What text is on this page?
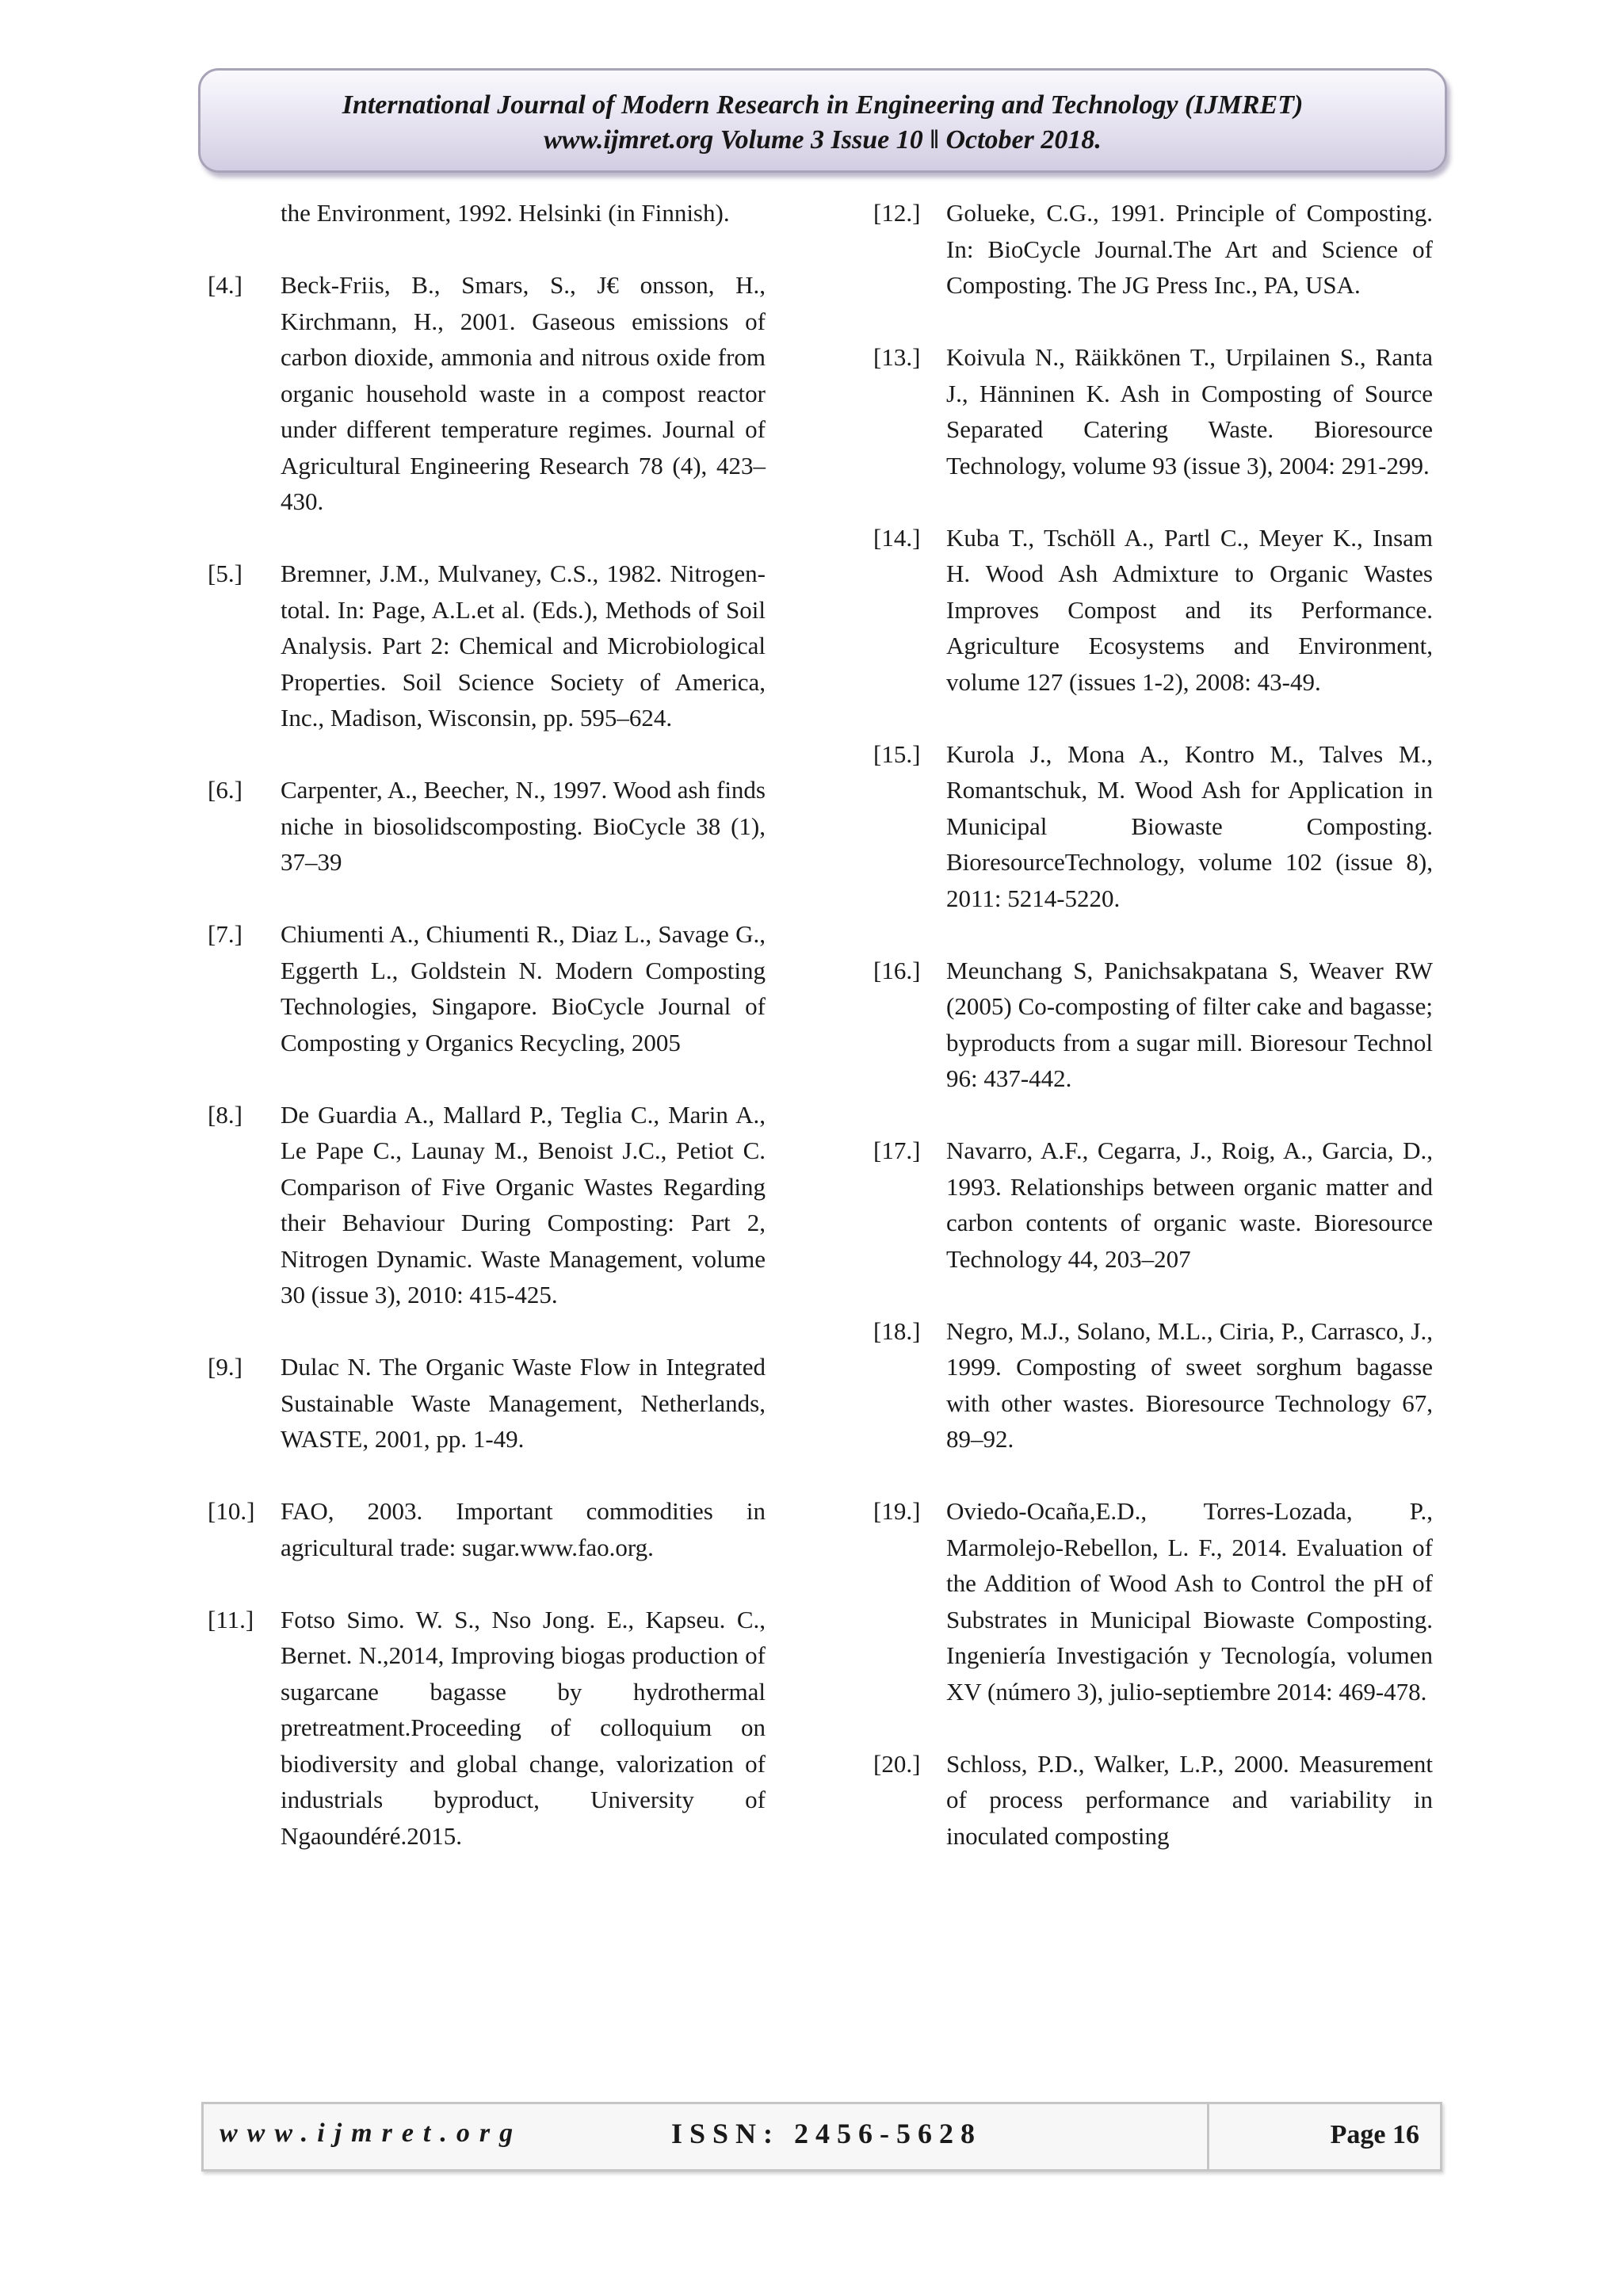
International Journal of Modern Research in Engineering and Technology (IJMRET)
www.ijmret.org Volume 3 Issue 10 ǁ October 2018.
the Environment, 1992. Helsinki (in Finnish).
[4.]	Beck-Friis, B., Smars, S., J€ onsson, H., Kirchmann, H., 2001. Gaseous emissions of carbon dioxide, ammonia and nitrous oxide from organic household waste in a compost reactor under different temperature regimes. Journal of Agricultural Engineering Research 78 (4), 423–430.
[5.]	Bremner, J.M., Mulvaney, C.S., 1982. Nitrogen-total. In: Page, A.L.et al. (Eds.), Methods of Soil Analysis. Part 2: Chemical and Microbiological Properties. Soil Science Society of America, Inc., Madison, Wisconsin, pp. 595–624.
[6.]	Carpenter, A., Beecher, N., 1997. Wood ash finds niche in biosolidscomposting. BioCycle 38 (1), 37–39
[7.]	Chiumenti A., Chiumenti R., Diaz L., Savage G., Eggerth L., Goldstein N. Modern Composting Technologies, Singapore. BioCycle Journal of Composting y Organics Recycling, 2005
[8.]	De Guardia A., Mallard P., Teglia C., Marin A., Le Pape C., Launay M., Benoist J.C., Petiot C. Comparison of Five Organic Wastes Regarding their Behaviour During Composting: Part 2, Nitrogen Dynamic. Waste Management, volume 30 (issue 3), 2010: 415-425.
[9.]	Dulac N. The Organic Waste Flow in Integrated Sustainable Waste Management, Netherlands, WASTE, 2001, pp. 1-49.
[10.]	FAO, 2003. Important commodities in agricultural trade: sugar.www.fao.org.
[11.]	Fotso Simo. W. S., Nso Jong. E., Kapseu. C., Bernet. N.,2014, Improving biogas production of sugarcane bagasse by hydrothermal pretreatment.Proceeding of colloquium on biodiversity and global change, valorization of industrials byproduct, University of Ngaoundéré.2015.
[12.]	Golueke, C.G., 1991. Principle of Composting. In: BioCycle Journal.The Art and Science of Composting. The JG Press Inc., PA, USA.
[13.]	Koivula N., Räikkönen T., Urpilainen S., Ranta J., Hänninen K. Ash in Composting of Source Separated Catering Waste. Bioresource Technology, volume 93 (issue 3), 2004: 291-299.
[14.]	Kuba T., Tschöll A., Partl C., Meyer K., Insam H. Wood Ash Admixture to Organic Wastes Improves Compost and its Performance. Agriculture Ecosystems and Environment, volume 127 (issues 1-2), 2008: 43-49.
[15.]	Kurola J., Mona A., Kontro M., Talves M., Romantschuk, M. Wood Ash for Application in Municipal Biowaste Composting. BioresourceTechnology, volume 102 (issue 8), 2011: 5214-5220.
[16.]	Meunchang S, Panichsakpatana S, Weaver RW (2005) Co-composting of filter cake and bagasse; byproducts from a sugar mill. Bioresour Technol 96: 437-442.
[17.]	Navarro, A.F., Cegarra, J., Roig, A., Garcia, D., 1993. Relationships between organic matter and carbon contents of organic waste. Bioresource Technology 44, 203–207
[18.]	Negro, M.J., Solano, M.L., Ciria, P., Carrasco, J., 1999. Composting of sweet sorghum bagasse with other wastes. Bioresource Technology 67, 89–92.
[19.]	Oviedo-Ocaña,E.D., Torres-Lozada, P., Marmolejo-Rebellon, L. F., 2014. Evaluation of the Addition of Wood Ash to Control the pH of Substrates in Municipal Biowaste Composting. Ingeniería Investigación y Tecnología, volumen XV (número 3), julio-septiembre 2014: 469-478.
[20.]	Schloss, P.D., Walker, L.P., 2000. Measurement of process performance and variability in inoculated composting
www.ijmret.org	ISSN: 2456-5628	Page 16
